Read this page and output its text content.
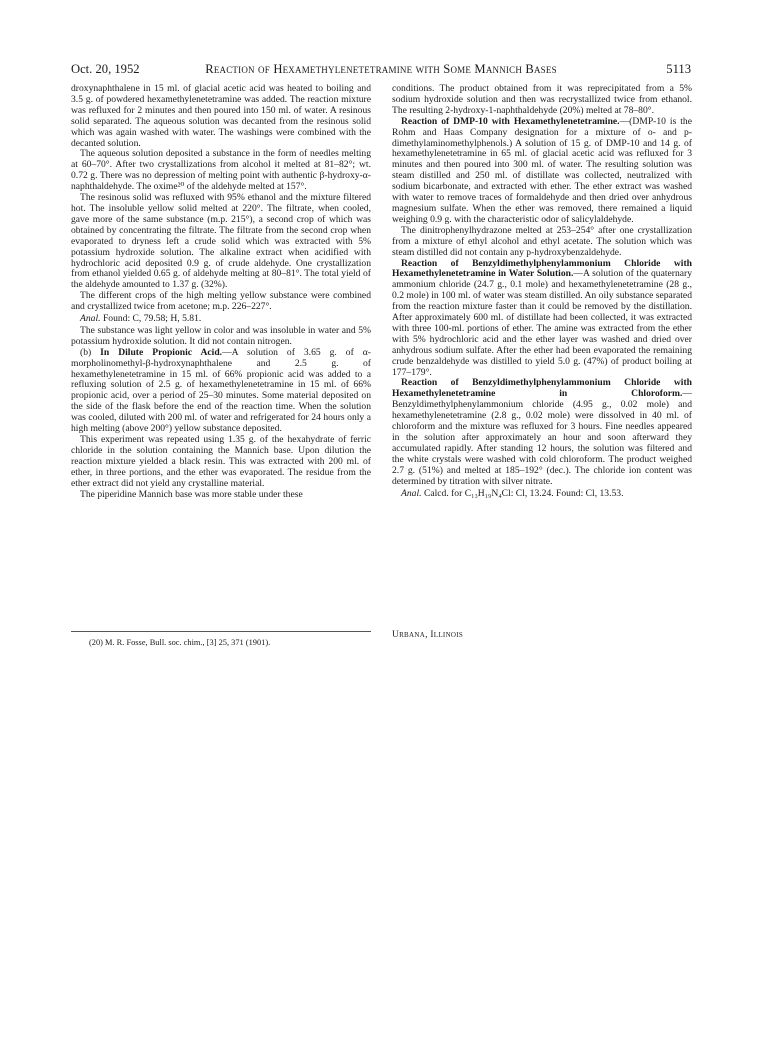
Oct. 20, 1952	Reaction of Hexamethylenetetramine with Some Mannich Bases	5113

droxynaphthalene in 15 ml. of glacial acetic acid was heated to boiling and 3.5 g. of powdered hexamethylenetetramine was added. The reaction mixture was refluxed for 2 minutes and then poured into 150 ml. of water. A resinous solid separated. The aqueous solution was decanted from the resinous solid which was again washed with water. The washings were combined with the decanted solution.

The aqueous solution deposited a substance in the form of needles melting at 60–70°. After two crystallizations from alcohol it melted at 81–82°; wt. 0.72 g. There was no depression of melting point with authentic β-hydroxy-α-naphthaldehyde. The oxime²⁰ of the aldehyde melted at 157°.

The resinous solid was refluxed with 95% ethanol and the mixture filtered hot. The insoluble yellow solid melted at 220°. The filtrate, when cooled, gave more of the same substance (m.p. 215°), a second crop of which was obtained by concentrating the filtrate. The filtrate from the second crop when evaporated to dryness left a crude solid which was extracted with 5% potassium hydroxide solution. The alkaline extract when acidified with hydrochloric acid deposited 0.9 g. of crude aldehyde. One crystallization from ethanol yielded 0.65 g. of aldehyde melting at 80–81°. The total yield of the aldehyde amounted to 1.37 g. (32%).

The different crops of the high melting yellow substance were combined and crystallized twice from acetone; m.p. 226–227°.

Anal. Found: C, 79.58; H, 5.81.

The substance was light yellow in color and was insoluble in water and 5% potassium hydroxide solution. It did not contain nitrogen.

(b) In Dilute Propionic Acid.—A solution of 3.65 g. of α-morpholinomethyl-β-hydroxynaphthalene and 2.5 g. of hexamethylenetetramine in 15 ml. of 66% propionic acid was added to a refluxing solution of 2.5 g. of hexamethylenetetramine in 15 ml. of 66% propionic acid, over a period of 25–30 minutes. Some material deposited on the side of the flask before the end of the reaction time. When the solution was cooled, diluted with 200 ml. of water and refrigerated for 24 hours only a high melting (above 200°) yellow substance deposited.

This experiment was repeated using 1.35 g. of the hexahydrate of ferric chloride in the solution containing the Mannich base. Upon dilution the reaction mixture yielded a black resin. This was extracted with 200 ml. of ether, in three portions, and the ether was evaporated. The residue from the ether extract did not yield any crystalline material.

The piperidine Mannich base was more stable under these

conditions. The product obtained from it was reprecipitated from a 5% sodium hydroxide solution and then was recrystallized twice from ethanol. The resulting 2-hydroxy-1-naphthaldehyde (20%) melted at 78–80°.

Reaction of DMP-10 with Hexamethylenetetramine.—(DMP-10 is the Rohm and Haas Company designation for a mixture of o- and p-dimethylaminomethylphenols.) A solution of 15 g. of DMP-10 and 14 g. of hexamethylenetetramine in 65 ml. of glacial acetic acid was refluxed for 3 minutes and then poured into 300 ml. of water. The resulting solution was steam distilled and 250 ml. of distillate was collected, neutralized with sodium bicarbonate, and extracted with ether. The ether extract was washed with water to remove traces of formaldehyde and then dried over anhydrous magnesium sulfate. When the ether was removed, there remained a liquid weighing 0.9 g. with the characteristic odor of salicylaldehyde.

The dinitrophenylhydrazone melted at 253–254° after one crystallization from a mixture of ethyl alcohol and ethyl acetate. The solution which was steam distilled did not contain any p-hydroxybenzaldehyde.

Reaction of Benzyldimethylphenylammonium Chloride with Hexamethylenetetramine in Water Solution.—A solution of the quaternary ammonium chloride (24.7 g., 0.1 mole) and hexamethylenetetramine (28 g., 0.2 mole) in 100 ml. of water was steam distilled. An oily substance separated from the reaction mixture faster than it could be removed by the distillation. After approximately 600 ml. of distillate had been collected, it was extracted with three 100-ml. portions of ether. The amine was extracted from the ether with 5% hydrochloric acid and the ether layer was washed and dried over anhydrous sodium sulfate. After the ether had been evaporated the remaining crude benzaldehyde was distilled to yield 5.0 g. (47%) of product boiling at 177–179°.

Reaction of Benzyldimethylphenylammonium Chloride with Hexamethylenetetramine in Chloroform.—Benzyldimethylphenylammonium chloride (4.95 g., 0.02 mole) and hexamethylenetetramine (2.8 g., 0.02 mole) were dissolved in 40 ml. of chloroform and the mixture was refluxed for 3 hours. Fine needles appeared in the solution after approximately an hour and soon afterward they accumulated rapidly. After standing 12 hours, the solution was filtered and the white crystals were washed with cold chloroform. The product weighed 2.7 g. (51%) and melted at 185–192° (dec.). The chloride ion content was determined by titration with silver nitrate.

Anal. Calcd. for C₁₃H₁₉N₄Cl: Cl, 13.24. Found: Cl, 13.53.

(20) M. R. Fosse, Bull. soc. chim., [3] 25, 371 (1901).
Urbana, Illinois
